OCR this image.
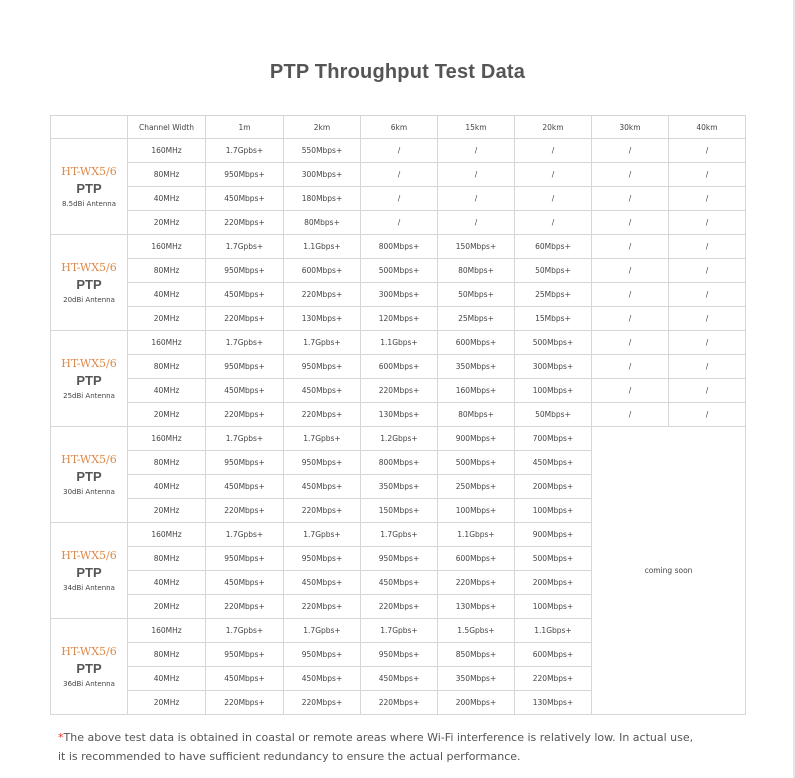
PTP Throughput Test Data
	Channel Width	1m	2km	6km	15km	20km	30km	40km

HT-WX5/6
PTP
8.5dBi Antenna	160MHz	1.7Gpbs+	550Mbps+	/	/	/	/	/
	80MHz	950Mbps+	300Mbps+	/	/	/	/	/
	40MHz	450Mbps+	180Mbps+	/	/	/	/	/
	20MHz	220Mbps+	80Mbps+	/	/	/	/	/

HT-WX5/6
PTP
20dBi Antenna	160MHz	1.7Gpbs+	1.1Gbps+	800Mbps+	150Mbps+	60Mbps+	/	/
	80MHz	950Mbps+	600Mbps+	500Mbps+	80Mbps+	50Mbps+	/	/
	40MHz	450Mbps+	220Mbps+	300Mbps+	50Mbps+	25Mbps+	/	/
	20MHz	220Mbps+	130Mbps+	120Mbps+	25Mbps+	15Mbps+	/	/

HT-WX5/6
PTP
25dBi Antenna	160MHz	1.7Gpbs+	1.7Gpbs+	1.1Gbps+	600Mbps+	500Mbps+	/	/
	80MHz	950Mbps+	950Mbps+	600Mbps+	350Mbps+	300Mbps+	/	/
	40MHz	450Mbps+	450Mbps+	220Mbps+	160Mbps+	100Mbps+	/	/
	20MHz	220Mbps+	220Mbps+	130Mbps+	80Mbps+	50Mbps+	/	/

HT-WX5/6
PTP
30dBi Antenna	160MHz	1.7Gpbs+	1.7Gpbs+	1.2Gbps+	900Mbps+	700Mbps+	coming soon	
	80MHz	950Mbps+	950Mbps+	800Mbps+	500Mbps+	450Mbps+		
	40MHz	450Mbps+	450Mbps+	350Mbps+	250Mbps+	200Mbps+		
	20MHz	220Mbps+	220Mbps+	150Mbps+	100Mbps+	100Mbps+		

HT-WX5/6
PTP
34dBi Antenna	160MHz	1.7Gpbs+	1.7Gpbs+	1.7Gpbs+	1.1Gbps+	900Mbps+		
	80MHz	950Mbps+	950Mbps+	950Mbps+	600Mbps+	500Mbps+		
	40MHz	450Mbps+	450Mbps+	450Mbps+	220Mbps+	200Mbps+		
	20MHz	220Mbps+	220Mbps+	220Mbps+	130Mbps+	100Mbps+		

HT-WX5/6
PTP
36dBi Antenna	160MHz	1.7Gpbs+	1.7Gpbs+	1.7Gpbs+	1.5Gpbs+	1.1Gbps+		
	80MHz	950Mbps+	950Mbps+	950Mbps+	850Mbps+	600Mbps+		
	40MHz	450Mbps+	450Mbps+	450Mbps+	350Mbps+	220Mbps+		
	20MHz	220Mbps+	220Mbps+	220Mbps+	200Mbps+	130Mbps+		

*The above test data is obtained in coastal or remote areas where Wi-Fi interference is relatively low. In actual use,

it is recommended to have sufficient redundancy to ensure the actual performance.
